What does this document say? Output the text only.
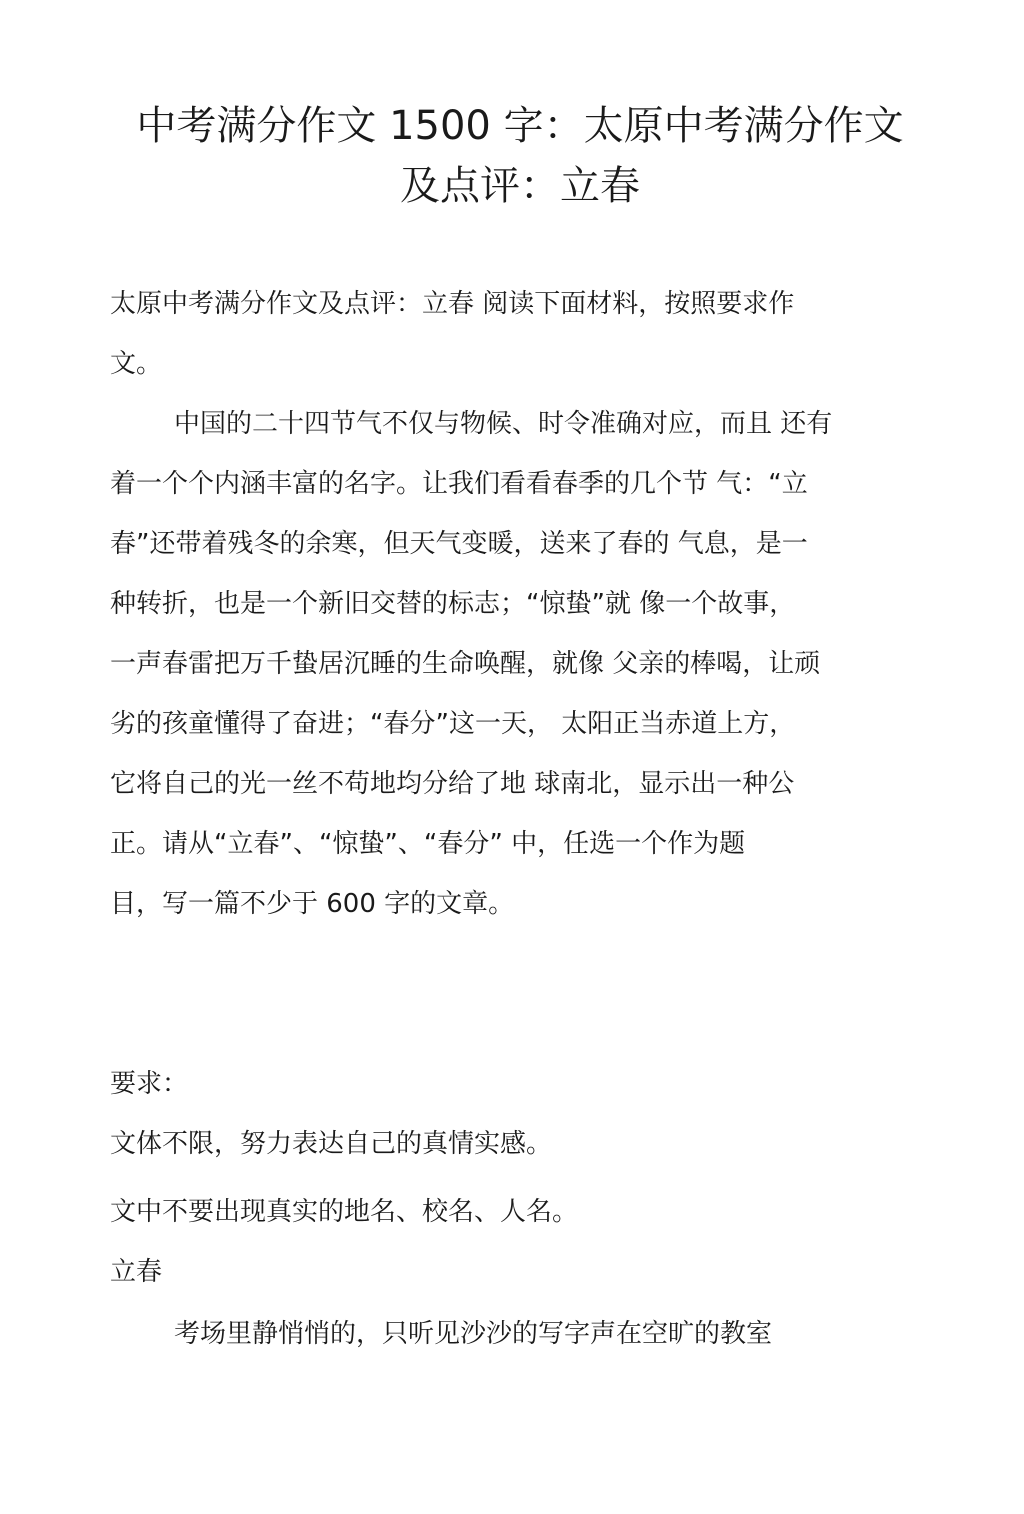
中考满分作文 1500 字：太原中考满分作文
及点评：立春

太原中考满分作文及点评：立春 阅读下面材料，按照要求作

文。

中国的二十四节气不仅与物候、时令准确对应，而且 还有

着一个个内涵丰富的名字。让我们看看春季的几个节 气：“立

春”还带着残冬的余寒，但天气变暖，送来了春的 气息，是一

种转折，也是一个新旧交替的标志；“惊蛰”就 像一个故事，

一声春雷把万千蛰居沉睡的生命唤醒，就像 父亲的棒喝，让顽

劣的孩童懂得了奋进；“春分”这一天， 太阳正当赤道上方，

它将自己的光一丝不苟地均分给了地 球南北，显示出一种公

正。请从“立春”、“惊蛰”、“春分” 中，任选一个作为题

目，写一篇不少于 600 字的文章。

要求：

文体不限，努力表达自己的真情实感。

文中不要出现真实的地名、校名、人名。

立春

考场里静悄悄的，只听见沙沙的写字声在空旷的教室
